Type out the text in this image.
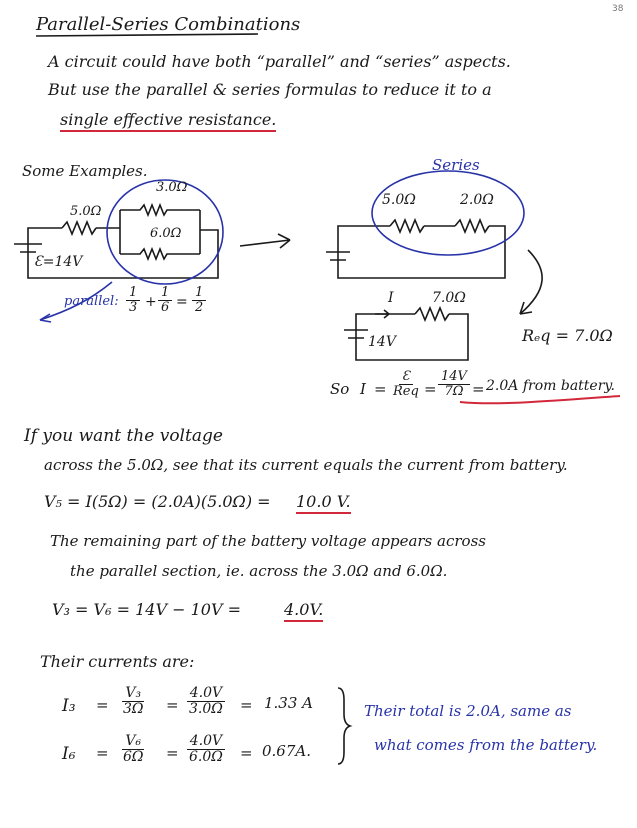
38
Parallel-Series Combinations
A circuit could have both “parallel” and “series” aspects.
But use the parallel & series formulas to reduce it to a
single effective resistance.
Some Examples.
5.0Ω
3.0Ω
6.0Ω
Ɛ=14V
parallel: $\frac{1}{3} + \frac{1}{6} = \frac{1}{2}$
Series
5.0Ω	2.0Ω
I	7.0Ω
14V	Rₑq = 7.0Ω
So I =
Ɛ
Req = $\frac{14V}{7\Omega} = 2.0A$ from battery.
If you want the voltage
across the 5.0Ω, see that its current equals the current from battery.
V₅ = I(5Ω) = (2.0A)(5.0Ω) = 10.0 V.
The remaining part of the battery voltage appears across
the parallel section, ie. across the 3.0Ω and 6.0Ω.
V₃ = V₆ = 14V − 10V =	4.0V.
Their currents are:
$I_3 = \frac{\text{V₃}}{3\Omega} = \frac{4.0V}{3.0\Omega} = 1.33$ A
$I_6 = \frac{\text{V₆}}{6\Omega} = \frac{4.0V}{6.0\Omega} = 0.67A$.
Their total is 2.0A, same as
what comes from the battery.
